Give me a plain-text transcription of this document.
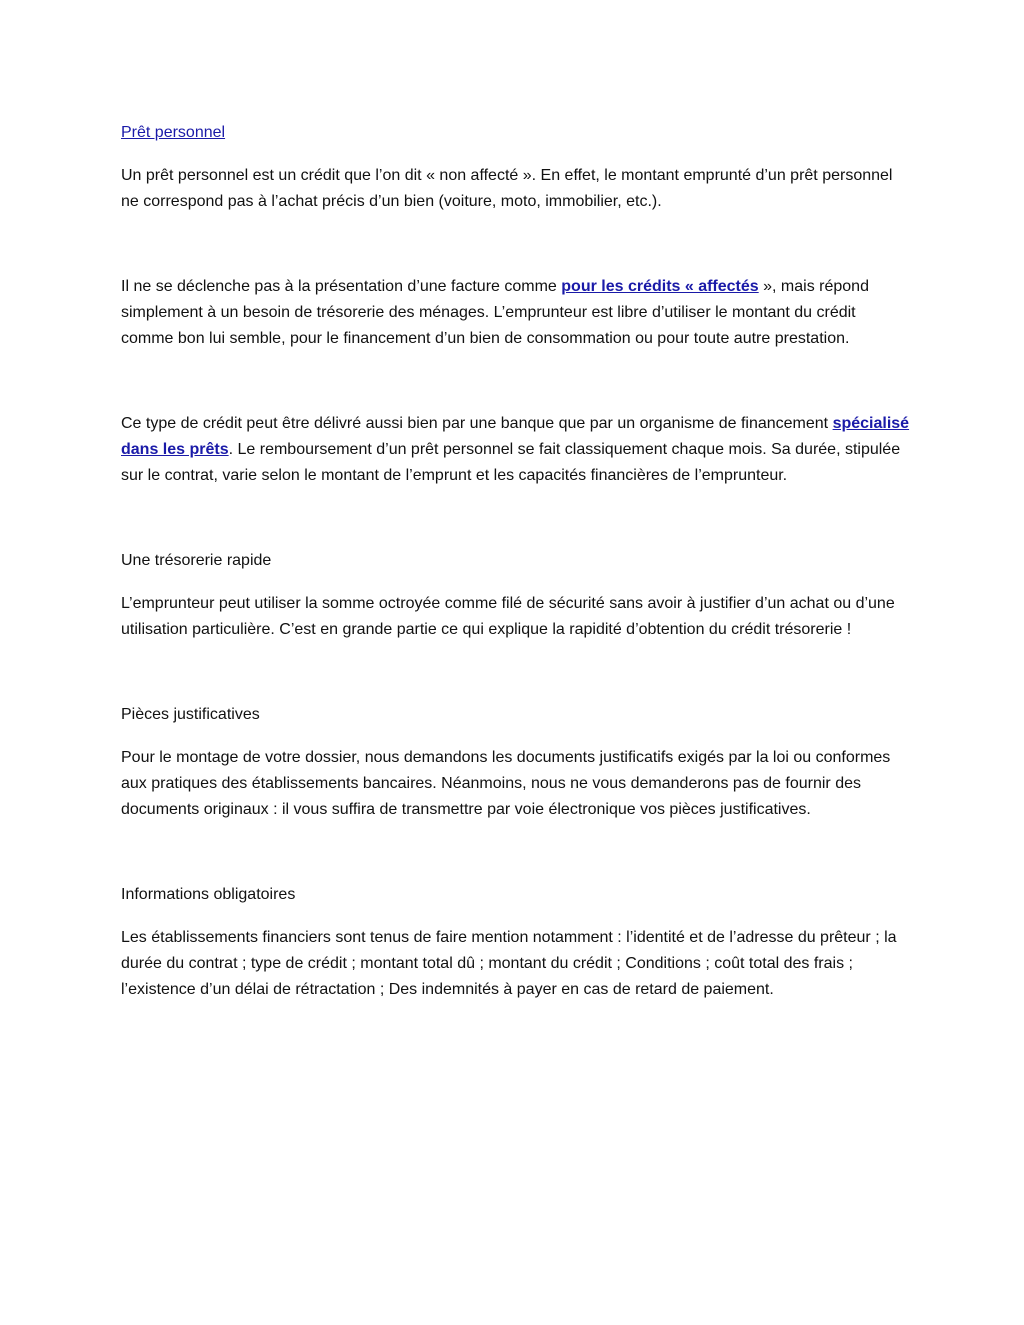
Prêt personnel

Un prêt personnel est un crédit que l’on dit « non affecté ». En effet, le montant emprunté d’un prêt personnel ne correspond pas à l’achat précis d’un bien (voiture, moto, immobilier, etc.).

Il ne se déclenche pas à la présentation d’une facture comme pour les crédits « affectés », mais répond simplement à un besoin de trésorerie des ménages. L’emprunteur est libre d’utiliser le montant du crédit comme bon lui semble, pour le financement d’un bien de consommation ou pour toute autre prestation.

Ce type de crédit peut être délivré aussi bien par une banque que par un organisme de financement spécialisé dans les prêts. Le remboursement d’un prêt personnel se fait classiquement chaque mois. Sa durée, stipulée sur le contrat, varie selon le montant de l’emprunt et les capacités financières de l’emprunteur.

Une trésorerie rapide

L’emprunteur peut utiliser la somme octroyée comme filé de sécurité sans avoir à justifier d’un achat ou d’une utilisation particulière. C’est en grande partie ce qui explique la rapidité d’obtention du crédit trésorerie !

Pièces justificatives

Pour le montage de votre dossier, nous demandons les documents justificatifs exigés par la loi ou conformes aux pratiques des établissements bancaires. Néanmoins, nous ne vous demanderons pas de fournir des documents originaux : il vous suffira de transmettre par voie électronique vos pièces justificatives.

Informations obligatoires

Les établissements financiers sont tenus de faire mention notamment : l’identité et de l’adresse du prêteur ; la durée du contrat ; type de crédit ; montant total dû ; montant du crédit ; Conditions ; coût total des frais ; l’existence d’un délai de rétractation ; Des indemnités à payer en cas de retard de paiement.
